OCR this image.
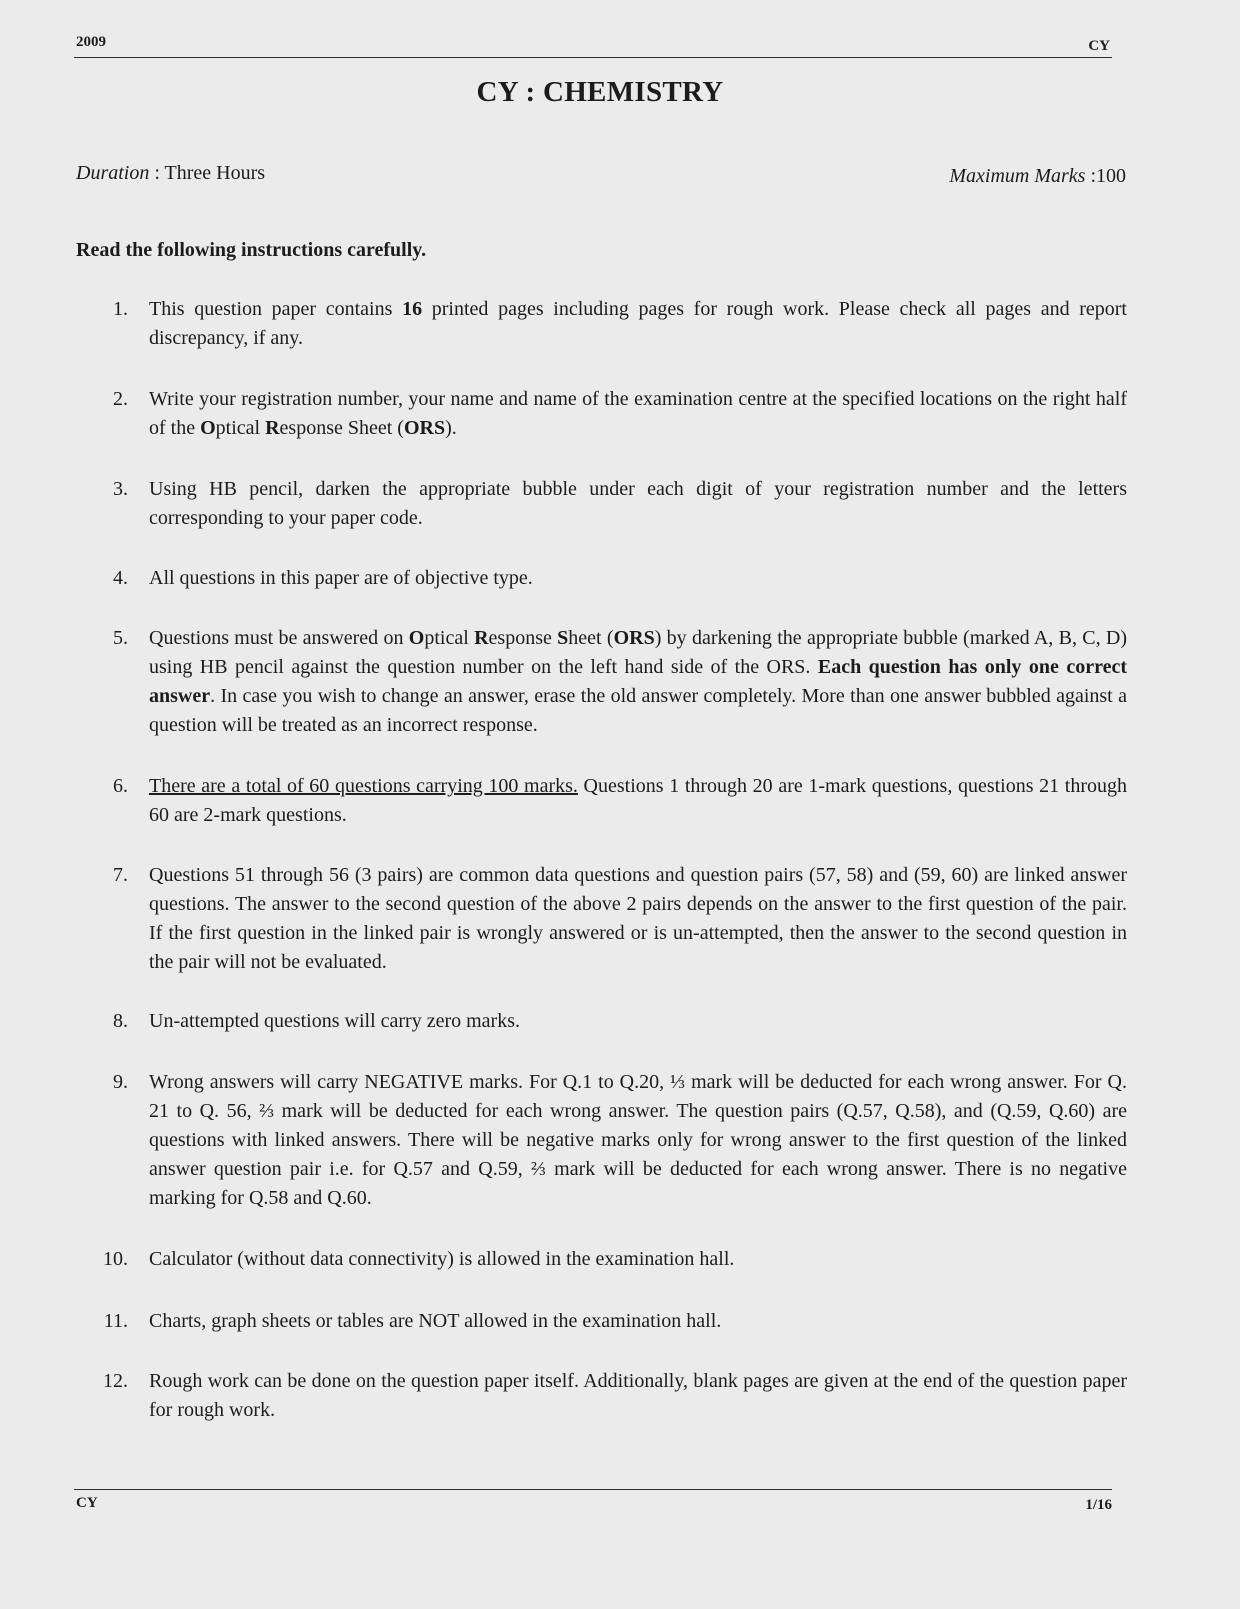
2009	CY
CY : CHEMISTRY
Duration : Three Hours	Maximum Marks :100
Read the following instructions carefully.
1. This question paper contains 16 printed pages including pages for rough work. Please check all pages and report discrepancy, if any.
2. Write your registration number, your name and name of the examination centre at the specified locations on the right half of the Optical Response Sheet (ORS).
3. Using HB pencil, darken the appropriate bubble under each digit of your registration number and the letters corresponding to your paper code.
4. All questions in this paper are of objective type.
5. Questions must be answered on Optical Response Sheet (ORS) by darkening the appropriate bubble (marked A, B, C, D) using HB pencil against the question number on the left hand side of the ORS. Each question has only one correct answer. In case you wish to change an answer, erase the old answer completely. More than one answer bubbled against a question will be treated as an incorrect response.
6. There are a total of 60 questions carrying 100 marks. Questions 1 through 20 are 1-mark questions, questions 21 through 60 are 2-mark questions.
7. Questions 51 through 56 (3 pairs) are common data questions and question pairs (57, 58) and (59, 60) are linked answer questions. The answer to the second question of the above 2 pairs depends on the answer to the first question of the pair. If the first question in the linked pair is wrongly answered or is un-attempted, then the answer to the second question in the pair will not be evaluated.
8. Un-attempted questions will carry zero marks.
9. Wrong answers will carry NEGATIVE marks. For Q.1 to Q.20, ⅓ mark will be deducted for each wrong answer. For Q. 21 to Q. 56, ⅔ mark will be deducted for each wrong answer. The question pairs (Q.57, Q.58), and (Q.59, Q.60) are questions with linked answers. There will be negative marks only for wrong answer to the first question of the linked answer question pair i.e. for Q.57 and Q.59, ⅔ mark will be deducted for each wrong answer. There is no negative marking for Q.58 and Q.60.
10. Calculator (without data connectivity) is allowed in the examination hall.
11. Charts, graph sheets or tables are NOT allowed in the examination hall.
12. Rough work can be done on the question paper itself. Additionally, blank pages are given at the end of the question paper for rough work.
CY	1/16
